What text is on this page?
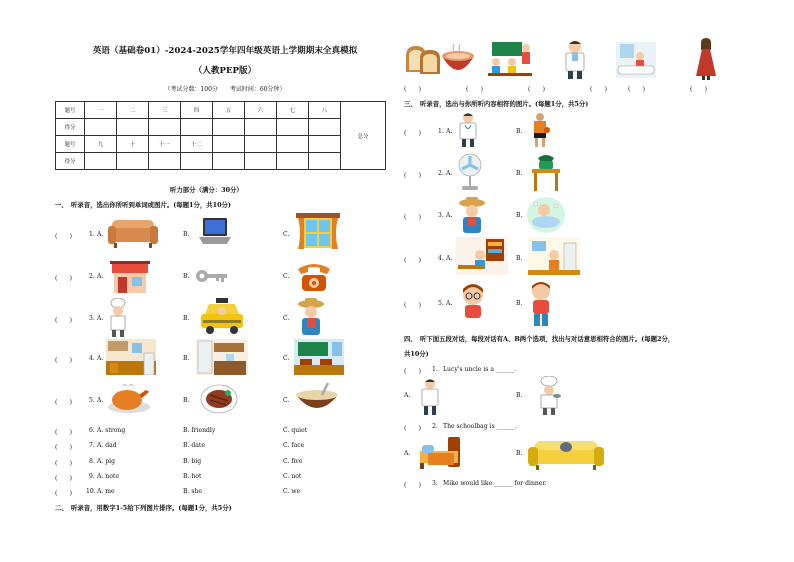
英语（基础卷01）-2024-2025学年四年级英语上学期期末全真模拟
（人教PEP版）
（考试分数：100分　　考试时间：60分钟）
题号	一	二	三	四	五	六	七	八	总分
得分									
题号	九	十	十一	十二					
得分									
听力部分（满分：30分）
一、　听录音，选出你所听到单词或图片。(每题1分，共10分)
(　　)	1. A.	B.	C.
(　　)	2. A.	B.	C.
(　　)	3. A.	B.	C.
(　　)	4. A.	B.	C.
(　　)	5. A.	B.	C.
(　　)	6. A. strong	B. friendly	C. quiet
(　　)	7. A. dad	B. date	C. face
(　　)	8. A. pig	B. big	C. five
(　　)	9. A. note	B. hot	C. not
(　　) 10. A. me	B. she	C. we
二、　听录音，用数字1-5给下列图片排序。(每题1分，共5分)
(　　)	(　　)	(　　)	(　　)	(　　)	(　　)
三、　听录音，选出与你所听内容相符的图片。(每题1分，共5分)
(　　)	1. A.	B.
(　　)	2. A.	B.
(　　)	3. A.	B.
(　　)	4. A.	B.
(　　)	5. A.	B.
四、　听下面五段对话，每段对话有A、B两个选项，找出与对话意思相符合的图片。(每题2分，
共10分)
(　　) 1. Lucy's uncle is a ______.
A.	B.
(　　) 2. The schoolbag is ______.
A.	B.
(　　) 3. Mike would like ______ for dinner.
